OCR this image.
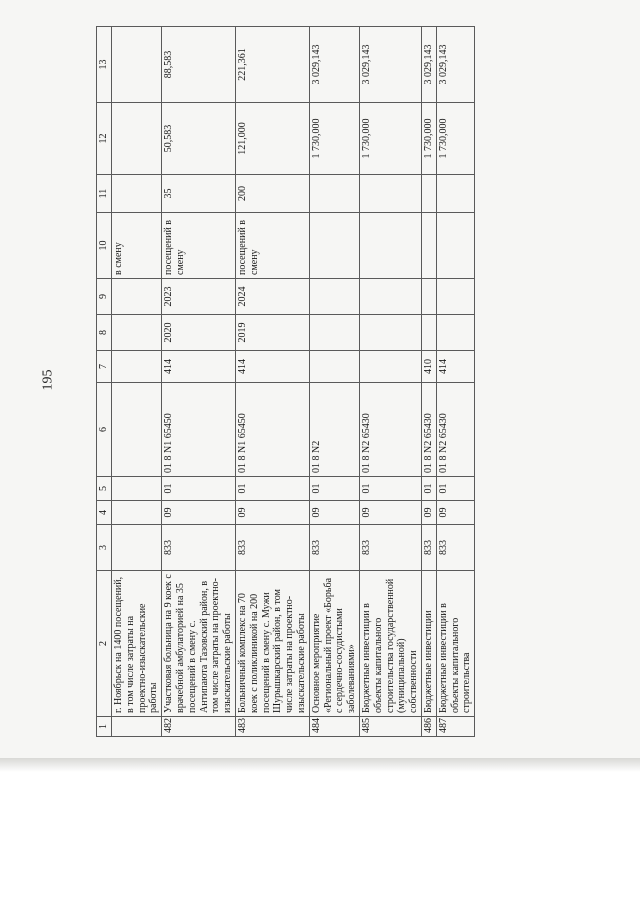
195
1	2	3	4	5	6	7	8	9	10	11	12	13
	г. Ноябрьск на 1400 посещений, в том числе затраты на проектно-изыскательские работы								в смену			
482	Участковая больница на 9 коек с врачебной амбулаторией на 35 посещений в смену с. Антипаюта Тазовский район, в том числе затраты на проектно-изыскательские работы	833	09	01	01 8 N1 65450	414	2020	2023	посещений в смену	35	50,583	88,583
483	Больничный комплекс на 70 коек с поликлиникой на 200 посещений в смену с. Мужи Шурышкарский район, в том числе затраты на проектно-изыскательские работы	833	09	01	01 8 N1 65450	414	2019	2024	посещений в смену	200	121,000	221,361
484	Основное мероприятие «Региональный проект «Борьба с сердечно-сосудистыми заболеваниями»	833	09	01	01 8 N2						1 730,000	3 029,143
485	Бюджетные инвестиции в объекты капитального строительства государственной (муниципальной) собственности	833	09	01	01 8 N2 65430						1 730,000	3 029,143
486	Бюджетные инвестиции	833	09	01	01 8 N2 65430	410					1 730,000	3 029,143
487	Бюджетные инвестиции в объекты капитального строительства	833	09	01	01 8 N2 65430	414					1 730,000	3 029,143
